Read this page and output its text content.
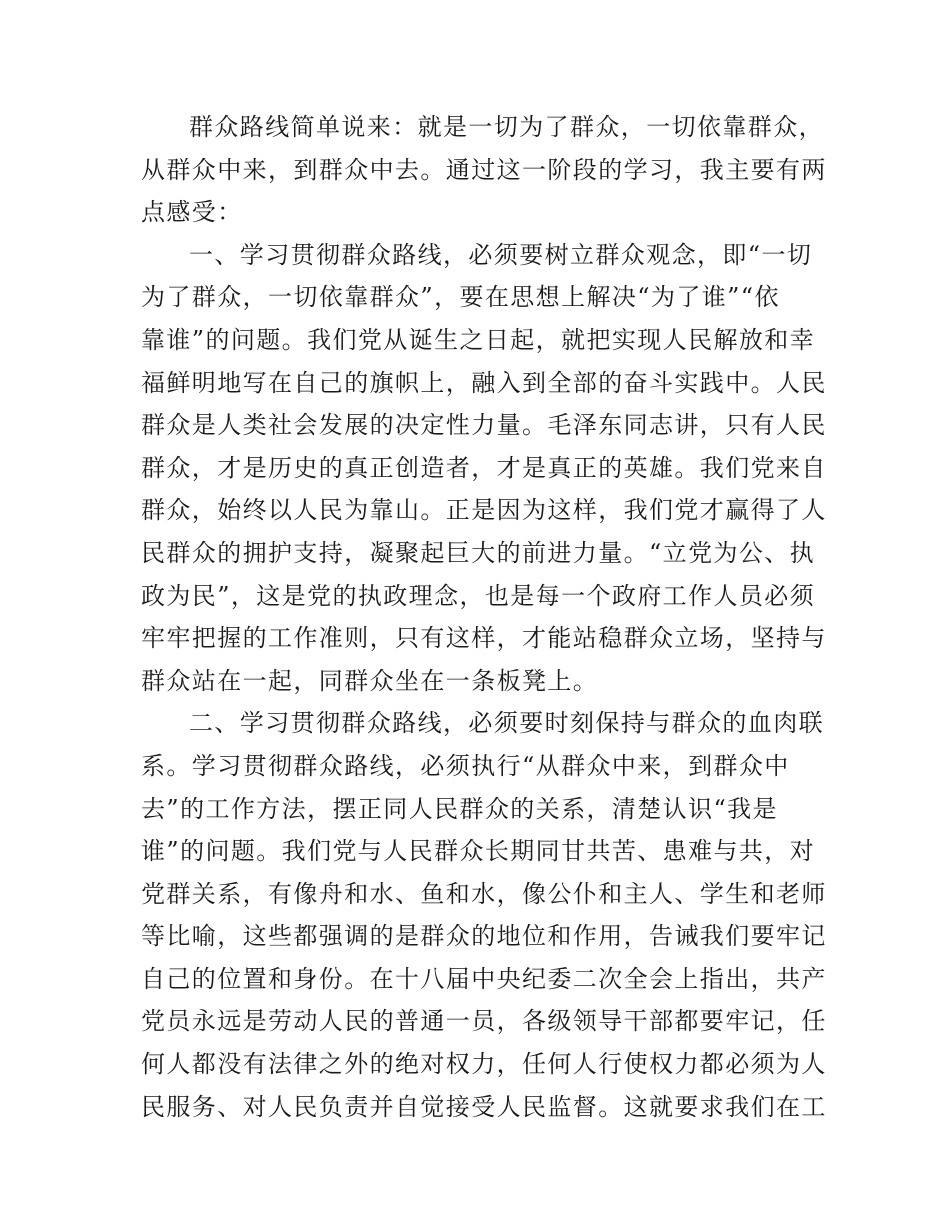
群众路线简单说来：就是一切为了群众，一切依靠群众，
从群众中来，到群众中去。通过这一阶段的学习，我主要有两
点感受：
一、学习贯彻群众路线，必须要树立群众观念，即“一切
为了群众，一切依靠群众”，要在思想上解决“为了谁”“依
靠谁”的问题。我们党从诞生之日起，就把实现人民解放和幸
福鲜明地写在自己的旗帜上，融入到全部的奋斗实践中。人民
群众是人类社会发展的决定性力量。毛泽东同志讲，只有人民
群众，才是历史的真正创造者，才是真正的英雄。我们党来自
群众，始终以人民为靠山。正是因为这样，我们党才赢得了人
民群众的拥护支持，凝聚起巨大的前进力量。“立党为公、执
政为民”，这是党的执政理念，也是每一个政府工作人员必须
牢牢把握的工作准则，只有这样，才能站稳群众立场，坚持与
群众站在一起，同群众坐在一条板凳上。
二、学习贯彻群众路线，必须要时刻保持与群众的血肉联
系。学习贯彻群众路线，必须执行“从群众中来，到群众中
去”的工作方法，摆正同人民群众的关系，清楚认识“我是
谁”的问题。我们党与人民群众长期同甘共苦、患难与共，对
党群关系，有像舟和水、鱼和水，像公仆和主人、学生和老师
等比喻，这些都强调的是群众的地位和作用，告诫我们要牢记
自己的位置和身份。在十八届中央纪委二次全会上指出，共产
党员永远是劳动人民的普通一员，各级领导干部都要牢记，任
何人都没有法律之外的绝对权力，任何人行使权力都必须为人
民服务、对人民负责并自觉接受人民监督。这就要求我们在工
